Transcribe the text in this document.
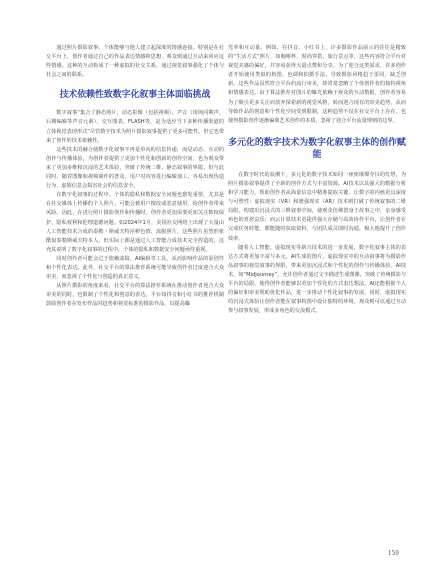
通过照片摄影叙事，个体能够与他人建立起深度的情感连接。特别是在社交平台上，创作者通过自己的作品表达情感和思想，观众则通过互动来回应这些情感。这种的互动构成了一种虚拟的社交关系，通过视觉叙事强化了个体与社会之间的联系。

技术依赖性致数字化叙事主体面临挑战

数字叙事“集合了静态照片、动态影像（包括视频）、声音（现场同期声、后期编辑等声音元素），交互图表、FLASH等，是为适应当下多种传播渠道的立体视觉表现形式”尽管数字技术为照片摄影叙事提供了更多可能性，但它也带来了创作的技术依赖性。

这些技术的融合使数字化叙事不再是单向的信息传递，而是动态、互动的创作与传播体验，为创作者提供了更加个性化和创新的创作空间，也为观众带来了更加多维和沉浸的艺术体验，突破了传统二维、静态叙事的界限。但与此同时，随着图像和视频制作的普及，用户对内容进行编辑加工，容易出现伪造行为，虚假信息会损害社会的信息安全。

在数字化叙事的过程中，个体的隐私和数据安全问题也愈发重要，尤其是在社交媒体上传播的个人照片，可能会被用户擅改或恶意使用，给创作者带来风险。因此，在进行照片摄影创作和传播时，创作者更加需要更加关注数权保护、隐私权利和伦理道德问题。如2024年1月，美国社交网络上出现了大量由人工智能技术合成的泰勒・斯威夫特淫秽色情、血腥照片，这些照片虽然形象酷似泰勒斯威夫特本人，但实际上都是通过人工智能合成技术完全捏造的，这充其说明了数字化叙事的过程中，个体的隐私和数据安全问题亟待重视。

同时创作者可能会过于依赖滤镜、AI编辑等工具，从而影响作品的原创性和个性化表达。此外，社交平台的算法推荐系统可能导致创作者过度迎合大众审美，而忽视了个性化与创造的真正意义。

从照片摄影的角度来看，社交平台的算法推荐系统在推动创作者迎合大众审美的同时，也限制了个性化和创意的表达。平台如抖音和小红书的推荐机制鼓励创作者在发布作品时趋势和视觉标准的摄影作品，以提高曝

光率和互动量。例如，在抖音、小红书上，许多摄影作品展示的往往是精致的“生活方式”照片，如咖啡杯、时尚穿搭、旅行景点等，这些内容符合平台对视觉美感的偏好，并容易获得大量点赞和分享。为了迎合这类需求，许多创作者开始使用类似的构图、色调和拍摄手法，导致摄影风格趋于雷同，缺乏创新。这些作品虽然符合平台的流行审美，却常常忽略了个体创作者的独特视角和情感表达。由于算法推荐对图片的曝光依赖于观众的互动数据，创作者容易为了吸引更多关注而放弃探索新的视觉风格，转而迎合现有的审美趋势，从而导致作品的创意和个性化空间受到限制。这种趋势不仅在社交平台上存在，也使得摄影创作逐渐偏离艺术创作的本质，忽视了迎合平台流量规则的边界。

多元化的数字技术为数字化叙事主体的创作赋能

在数字时代的浪潮下，多元化的数字技术如同一座座璀璨夺目的灯塔，为照片摄影叙事提供了全新的创作方式与丰富资源。AI技术以其强大的数据分析和学习能力，帮助创作者从海量信息中精准提取关键，让数字的内核更具深度与可塑性；虚拟现实（VR）和增强现实（AR）技术则打破了传统叙事的二维局限，构建出沉浸式的三维叙事空间，使观众仿佛置身于故事之中，亲身感受角色的喜怒哀乐；而云计算技术更提供强大存储与高效协作平台，让创作者在完成任务时能，都能随时获取资料，与团队成员即时沟通，极大地提升了创作效率。

随着人工智能、虚拟现实等新兴技术的进一步发展，数字化叙事主体的表达方式将更加丰富与多元。AI生成的图片、虚拟现实中的互动叙事将为摄影作品叙事的视觉叙事的界限，带来更加沉浸式和个性化的创作与传播体验。AI技术，如“Midjourney”，允许创作者通过文字描述生成图像，突破了传统摄影与平台的局限，使得创作者能够以更加个性化的方式表达想法。AI还能根据个人的偏好和审美帮助优化作品，进一步推动个性化叙事的发展。同时，虚拟现实的沉浸式体验让创作者能在叙事构图中设计独特的环境，观众则可以通过互动参与叙事发展，形成多角色的交流模式。

159
